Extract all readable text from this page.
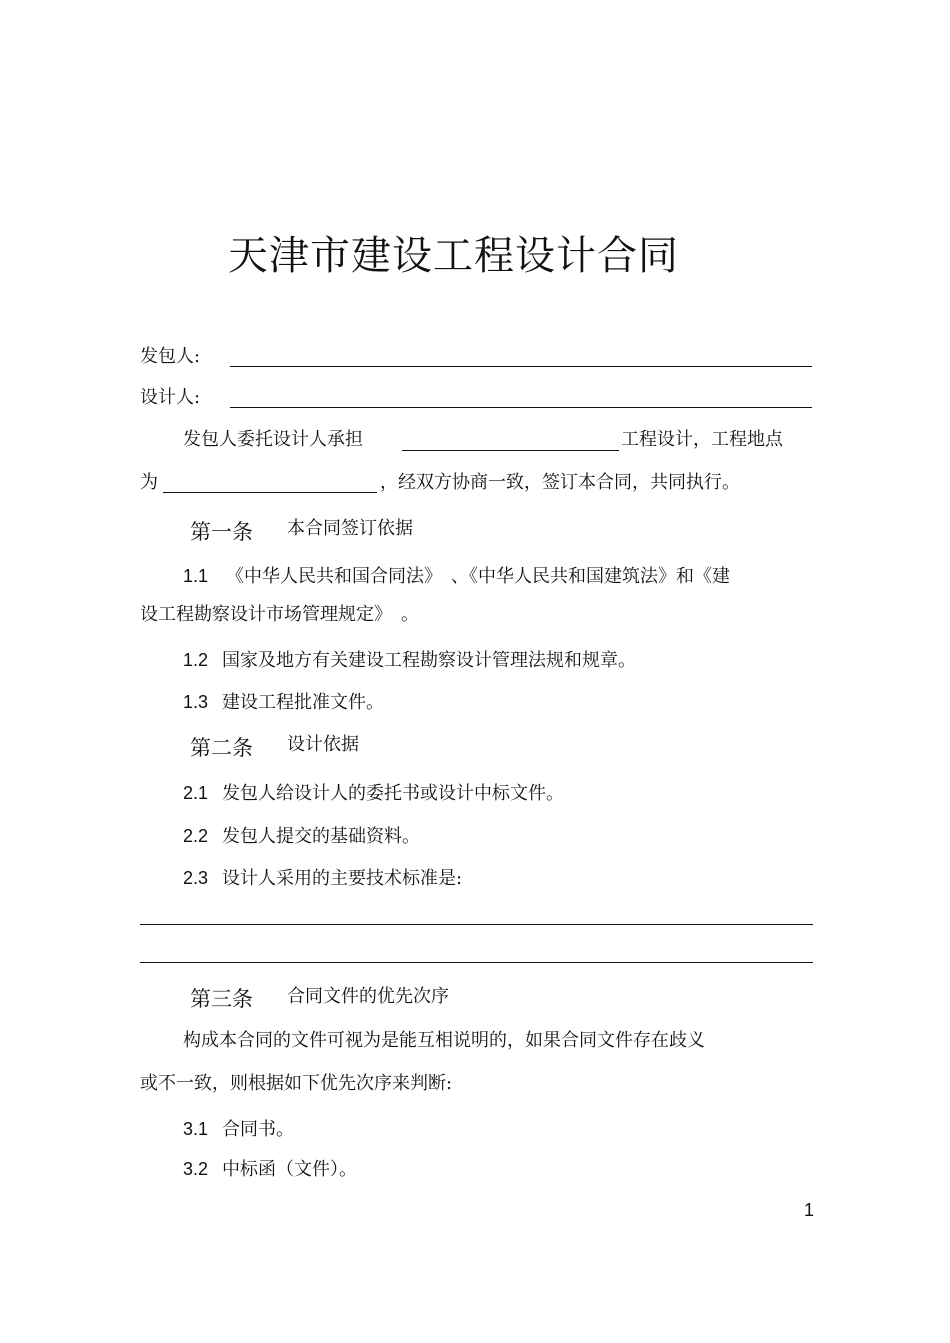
天津市建设工程设计合同
发包人:
设计人:
发包人委托设计人承担	工程设计，工程地点
为	，经双方协商一致，签订本合同，共同执行。
第一条 本合同签订依据
1.1 《中华人民共和国合同法》　、《中华人民共和国建筑法》和《建
设工程勘察设计市场管理规定》　。
1.2 国家及地方有关建设工程勘察设计管理法规和规章。
1.3 建设工程批准文件。
第二条 设计依据
2.1 发包人给设计人的委托书或设计中标文件。
2.2 发包人提交的基础资料。
2.3 设计人采用的主要技术标准是:
第三条 合同文件的优先次序
构成本合同的文件可视为是能互相说明的，如果合同文件存在歧义
或不一致，则根据如下优先次序来判断:
3.1 合同书。
3.2 中标函（文件）。
1
